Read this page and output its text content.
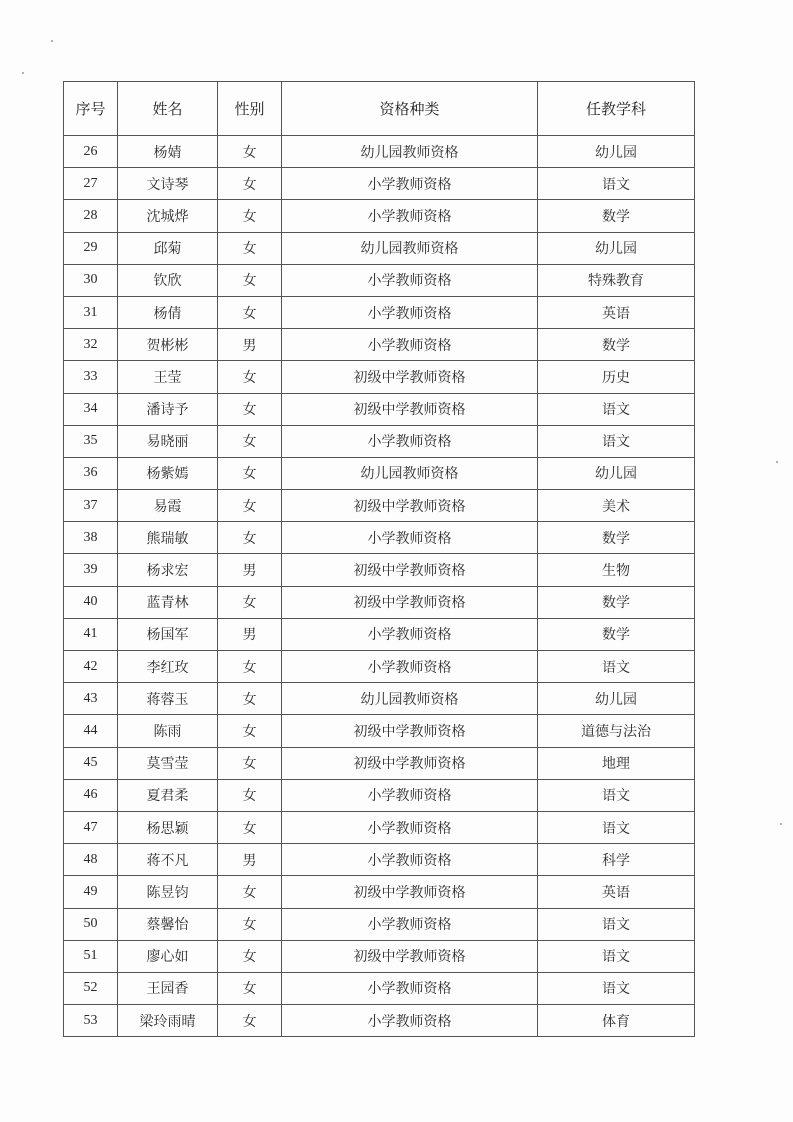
序号	姓名	性别	资格种类	任教学科
26	杨婧	女	幼儿园教师资格	幼儿园
27	文诗琴	女	小学教师资格	语文
28	沈城烨	女	小学教师资格	数学
29	邱菊	女	幼儿园教师资格	幼儿园
30	钦欣	女	小学教师资格	特殊教育
31	杨倩	女	小学教师资格	英语
32	贺彬彬	男	小学教师资格	数学
33	王莹	女	初级中学教师资格	历史
34	潘诗予	女	初级中学教师资格	语文
35	易晓丽	女	小学教师资格	语文
36	杨紫嫣	女	幼儿园教师资格	幼儿园
37	易霞	女	初级中学教师资格	美术
38	熊瑞敏	女	小学教师资格	数学
39	杨求宏	男	初级中学教师资格	生物
40	蓝青林	女	初级中学教师资格	数学
41	杨国军	男	小学教师资格	数学
42	李红玫	女	小学教师资格	语文
43	蒋蓉玉	女	幼儿园教师资格	幼儿园
44	陈雨	女	初级中学教师资格	道德与法治
45	莫雪莹	女	初级中学教师资格	地理
46	夏君柔	女	小学教师资格	语文
47	杨思颖	女	小学教师资格	语文
48	蒋不凡	男	小学教师资格	科学
49	陈昱钧	女	初级中学教师资格	英语
50	蔡馨怡	女	小学教师资格	语文
51	廖心如	女	初级中学教师资格	语文
52	王园香	女	小学教师资格	语文
53	梁玲雨晴	女	小学教师资格	体育
